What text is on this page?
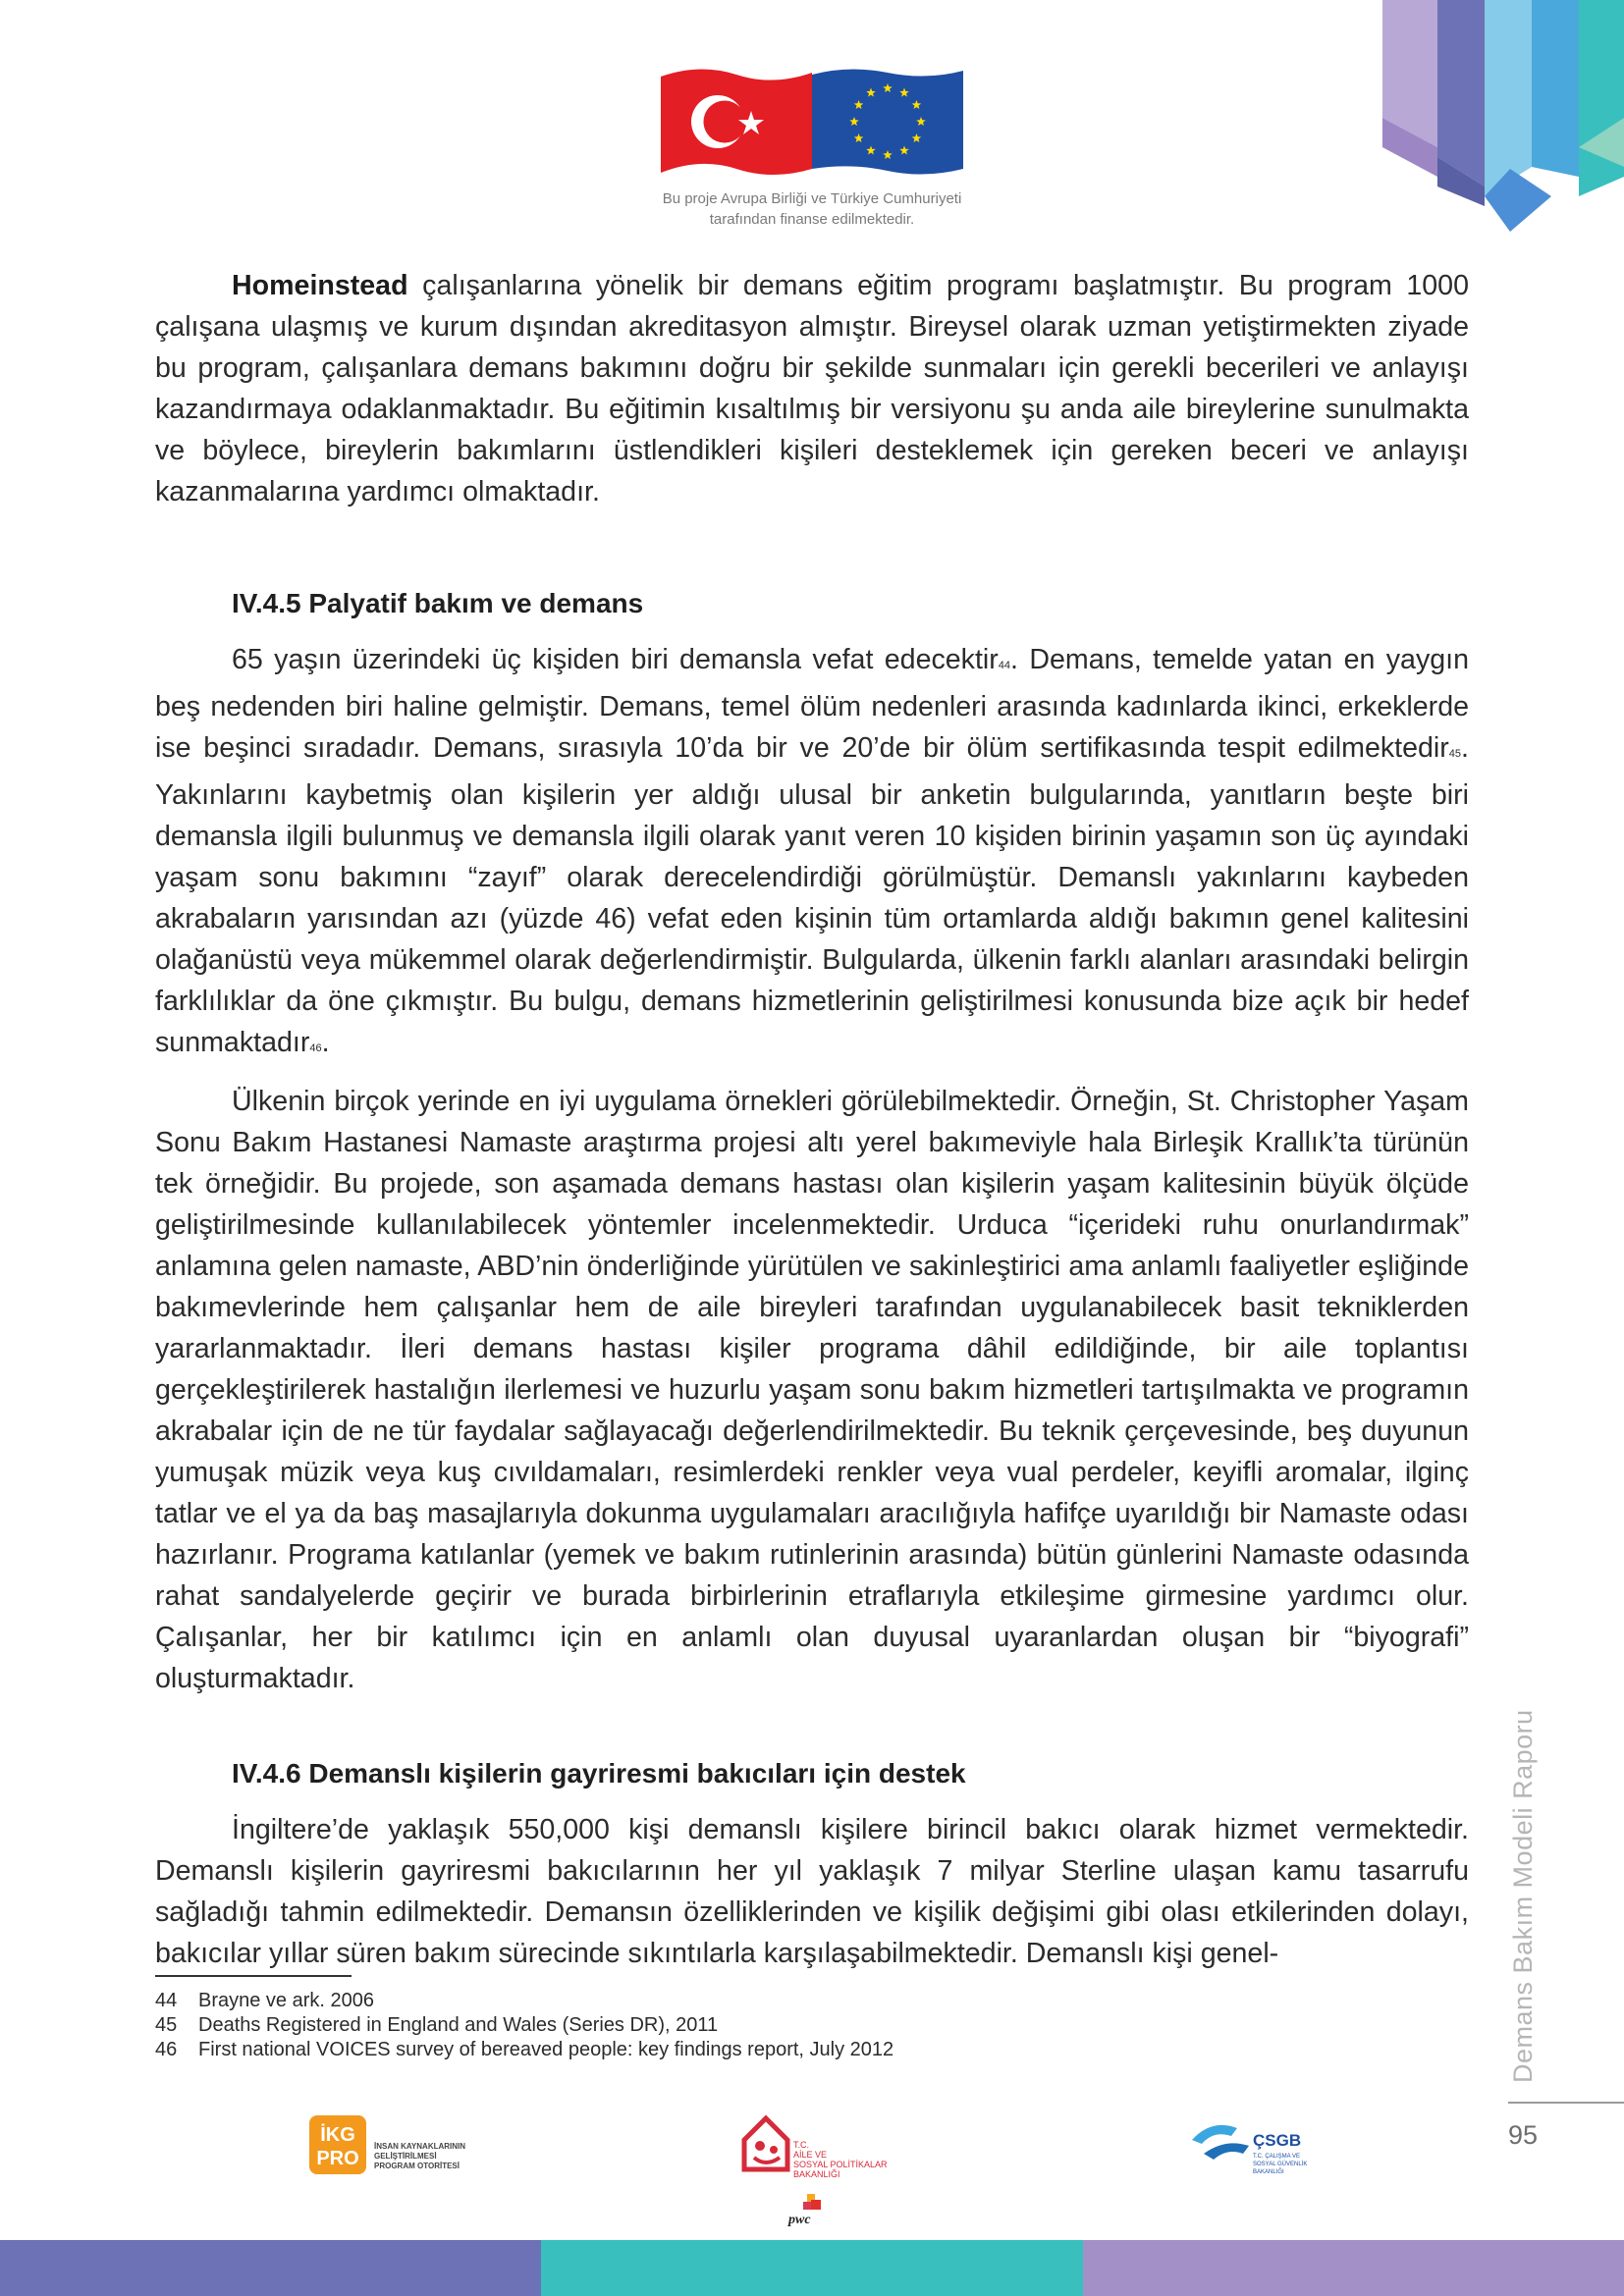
Bu proje Avrupa Birliği ve Türkiye Cumhuriyeti
tarafından finanse edilmektedir.

Homeinstead çalışanlarına yönelik bir demans eğitim programı başlatmıştır. Bu program 1000 çalışana ulaşmış ve kurum dışından akreditasyon almıştır. Bireysel olarak uzman yetiştirmekten ziyade bu program, çalışanlara demans bakımını doğru bir şekilde sunmaları için gerekli becerileri ve anlayışı kazandırmaya odaklanmaktadır. Bu eğitimin kısaltılmış bir versiyonu şu anda aile bireylerine sunulmakta ve böylece, bireylerin bakımlarını üstlendikleri kişileri desteklemek için gereken beceri ve anlayışı kazanmalarına yardımcı olmaktadır.

IV.4.5 Palyatif bakım ve demans

65 yaşın üzerindeki üç kişiden biri demansla vefat edecektir44. Demans, temelde yatan en yaygın beş nedenden biri haline gelmiştir. Demans, temel ölüm nedenleri arasında kadınlarda ikinci, erkeklerde ise beşinci sıradadır. Demans, sırasıyla 10’da bir ve 20’de bir ölüm sertifikasında tespit edilmektedir45. Yakınlarını kaybetmiş olan kişilerin yer aldığı ulusal bir anketin bulgularında, yanıtların beşte biri demansla ilgili bulunmuş ve demansla ilgili olarak yanıt veren 10 kişiden birinin yaşamın son üç ayındaki yaşam sonu bakımını “zayıf” olarak derecelendirdiği görülmüştür. Demanslı yakınlarını kaybeden akrabaların yarısından azı (yüzde 46) vefat eden kişinin tüm ortamlarda aldığı bakımın genel kalitesini olağanüstü veya mükemmel olarak değerlendirmiştir. Bulgularda, ülkenin farklı alanları arasındaki belirgin farklılıklar da öne çıkmıştır. Bu bulgu, demans hizmetlerinin geliştirilmesi konusunda bize açık bir hedef sunmaktadır46.

Ülkenin birçok yerinde en iyi uygulama örnekleri görülebilmektedir. Örneğin, St. Christopher Yaşam Sonu Bakım Hastanesi Namaste araştırma projesi altı yerel bakımeviyle hala Birleşik Krallık’ta türünün tek örneğidir. Bu projede, son aşamada demans hastası olan kişilerin yaşam kalitesinin büyük ölçüde geliştirilmesinde kullanılabilecek yöntemler incelenmektedir. Urduca “içerideki ruhu onurlandırmak” anlamına gelen namaste, ABD’nin önderliğinde yürütülen ve sakinleştirici ama anlamlı faaliyetler eşliğinde bakımevlerinde hem çalışanlar hem de aile bireyleri tarafından uygulanabilecek basit tekniklerden yararlanmaktadır. İleri demans hastası kişiler programa dâhil edildiğinde, bir aile toplantısı gerçekleştirilerek hastalığın ilerlemesi ve huzurlu yaşam sonu bakım hizmetleri tartışılmakta ve programın akrabalar için de ne tür faydalar sağlayacağı değerlendirilmektedir. Bu teknik çerçevesinde, beş duyunun yumuşak müzik veya kuş cıvıldamaları, resimlerdeki renkler veya vual perdeler, keyifli aromalar, ilginç tatlar ve el ya da baş masajlarıyla dokunma uygulamaları aracılığıyla hafifçe uyarıldığı bir Namaste odası hazırlanır. Programa katılanlar (yemek ve bakım rutinlerinin arasında) bütün günlerini Namaste odasında rahat sandalyelerde geçirir ve burada birbirlerinin etraflarıyla etkileşime girmesine yardımcı olur. Çalışanlar, her bir katılımcı için en anlamlı olan duyusal uyaranlardan oluşan bir “biyografi” oluşturmaktadır.

IV.4.6 Demanslı kişilerin gayriresmi bakıcıları için destek

İngiltere’de yaklaşık 550,000 kişi demanslı kişilere birincil bakıcı olarak hizmet vermektedir. Demanslı kişilerin gayriresmi bakıcılarının her yıl yaklaşık 7 milyar Sterline ulaşan kamu tasarrufu sağladığı tahmin edilmektedir. Demansın özelliklerinden ve kişilik değişimi gibi olası etkilerinden dolayı, bakıcılar yıllar süren bakım sürecinde sıkıntılarla karşılaşabilmektedir. Demanslı kişi genel-

44	Brayne ve ark. 2006
45	Deaths Registered in England and Wales (Series DR), 2011
46	First national VOICES survey of bereaved people: key findings report, July 2012	Demans Bakım Modeli Raporu
95
İKG
PRO
İNSAN KAYNAKLARININ
GELİŞTİRİLMESİ
PROGRAM OTORİTESİ
T.C.
AİLE VE
SOSYAL POLİTİKALAR
BAKANLIĞI
ÇSGB
T.C. ÇALIŞMA VE
SOSYAL GÜVENLİK
BAKANLIĞI
pwc
